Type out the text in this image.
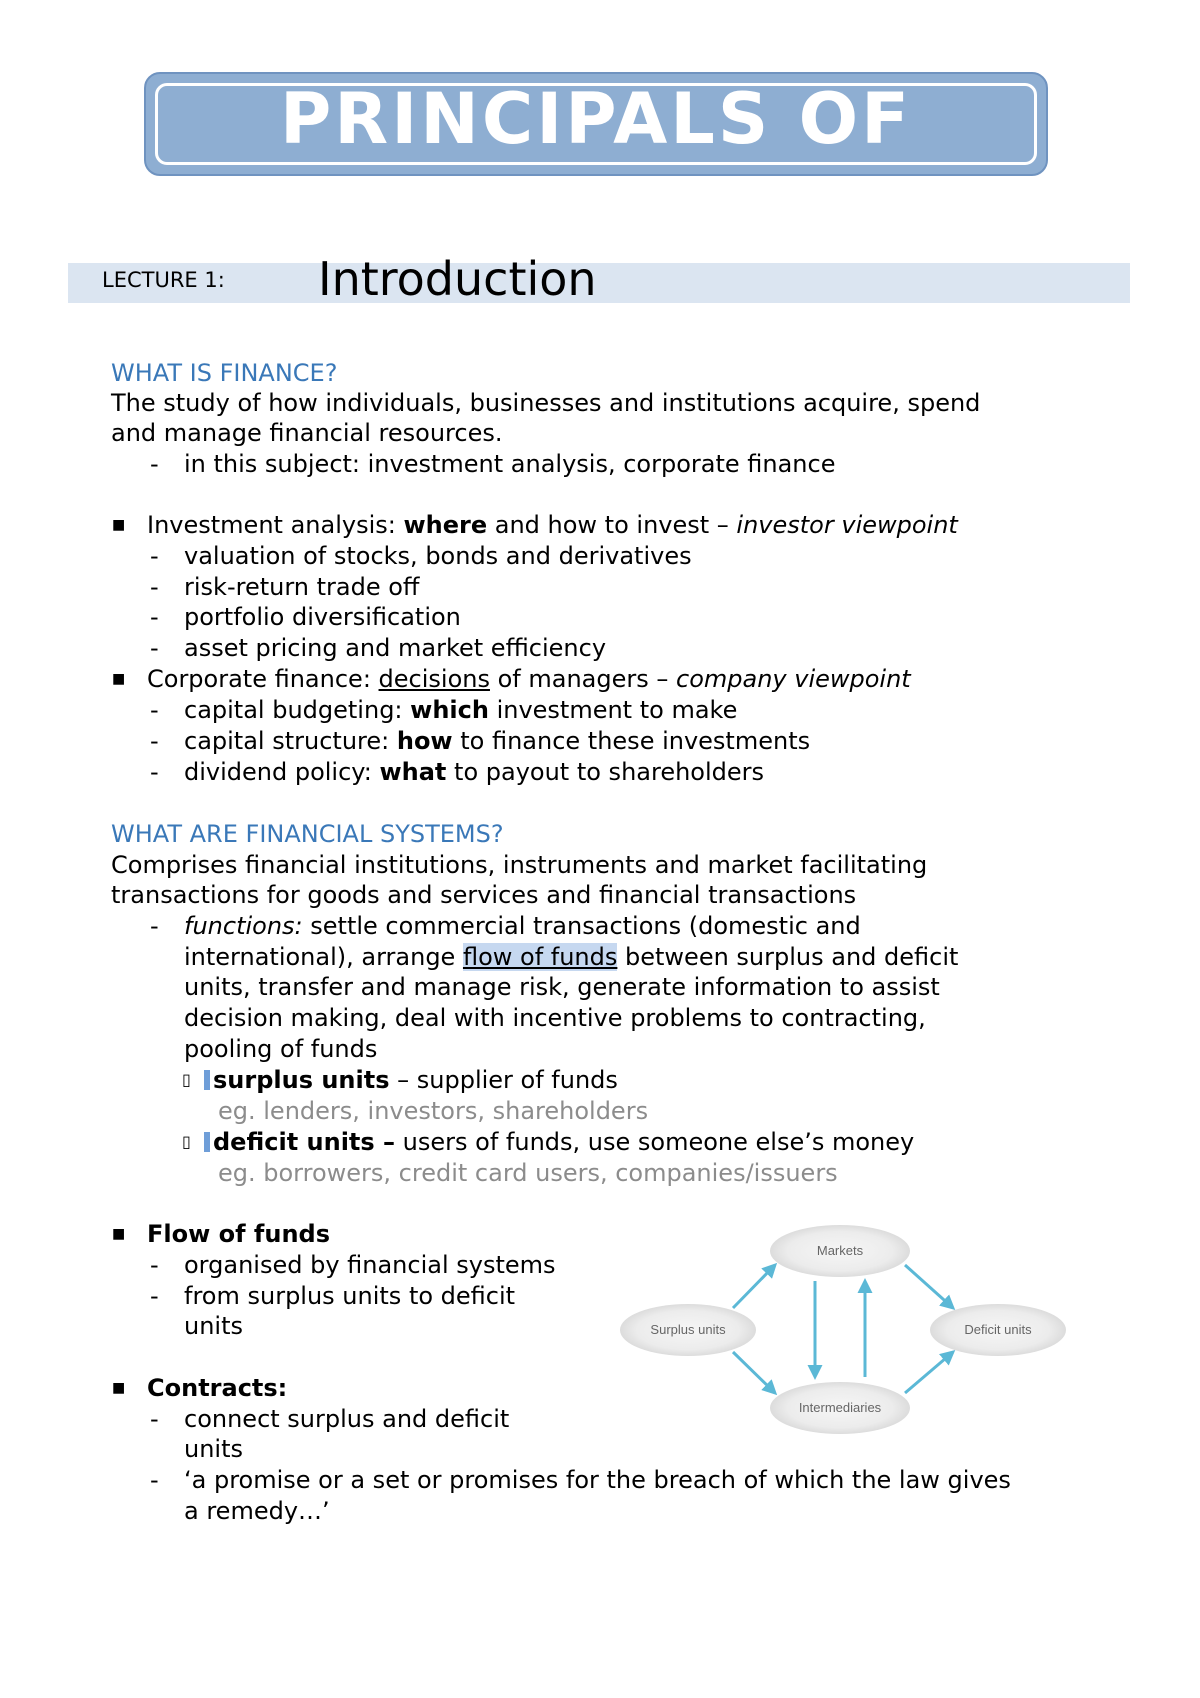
PRINCIPALS OF
LECTURE 1: Introduction
WHAT IS FINANCE?
The study of how individuals, businesses and institutions acquire, spend
and manage financial resources.
- in this subject: investment analysis, corporate finance
■ Investment analysis: where and how to invest – investor viewpoint
- valuation of stocks, bonds and derivatives
- risk-return trade off
- portfolio diversification
- asset pricing and market efficiency
■ Corporate finance: decisions of managers – company viewpoint
- capital budgeting: which investment to make
- capital structure: how to finance these investments
- dividend policy: what to payout to shareholders
WHAT ARE FINANCIAL SYSTEMS?
Comprises financial institutions, instruments and market facilitating
transactions for goods and services and financial transactions
- functions: settle commercial transactions (domestic and
international), arrange flow of funds between surplus and deficit
units, transfer and manage risk, generate information to assist
decision making, deal with incentive problems to contracting,
pooling of funds
▯ surplus units – supplier of funds
eg. lenders, investors, shareholders
▯ deficit units – users of funds, use someone else’s money
eg. borrowers, credit card users, companies/issuers
■ Flow of funds
- organised by financial systems
- from surplus units to deficit
units
■ Contracts:
- connect surplus and deficit
units
- ‘a promise or a set or promises for the breach of which the law gives
a remedy…’
Markets
Surplus units	Deficit units
Intermediaries
